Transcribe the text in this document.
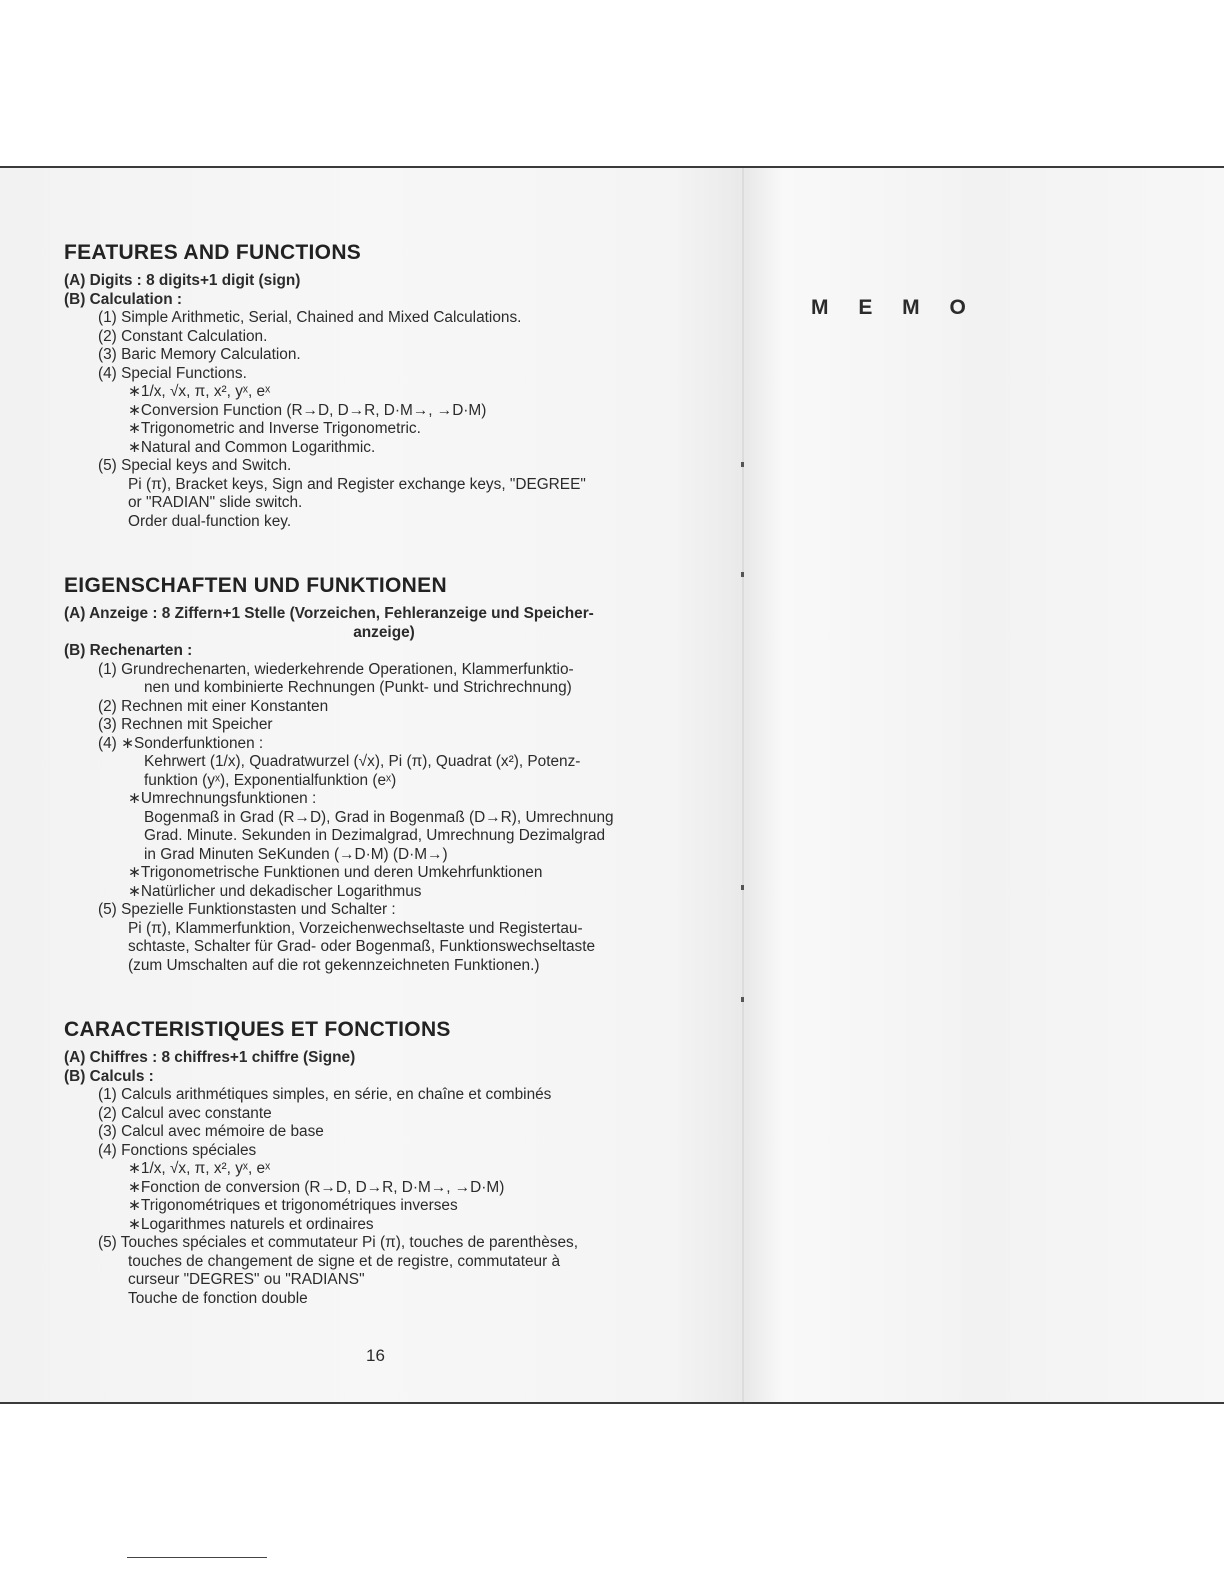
FEATURES AND FUNCTIONS
(A) Digits : 8 digits+1 digit (sign)
(B) Calculation :
(1) Simple Arithmetic, Serial, Chained and Mixed Calculations.
(2) Constant Calculation.
(3) Baric Memory Calculation.
(4) Special Functions.
∗1/x, √x, π, x², yˣ, eˣ
∗Conversion Function (R→D, D→R, D·M→, →D·M)
∗Trigonometric and Inverse Trigonometric.
∗Natural and Common Logarithmic.
(5) Special keys and Switch.
Pi (π), Bracket keys, Sign and Register exchange keys, "DEGREE"
or "RADIAN" slide switch.
Order dual-function key.
EIGENSCHAFTEN UND FUNKTIONEN
(A) Anzeige : 8 Ziffern+1 Stelle (Vorzeichen, Fehleranzeige und Speicher-
anzeige)
(B) Rechenarten :
(1) Grundrechenarten, wiederkehrende Operationen, Klammerfunktio-
nen und kombinierte Rechnungen (Punkt- und Strichrechnung)
(2) Rechnen mit einer Konstanten
(3) Rechnen mit Speicher
(4) ∗Sonderfunktionen :
Kehrwert (1/x), Quadratwurzel (√x), Pi (π), Quadrat (x²), Potenz-
funktion (yˣ), Exponentialfunktion (eˣ)
∗Umrechnungsfunktionen :
Bogenmaß in Grad (R→D), Grad in Bogenmaß (D→R), Umrechnung
Grad. Minute. Sekunden in Dezimalgrad, Umrechnung Dezimalgrad
in Grad Minuten SeKunden (→D·M) (D·M→)
∗Trigonometrische Funktionen und deren Umkehrfunktionen
∗Natürlicher und dekadischer Logarithmus
(5) Spezielle Funktionstasten und Schalter :
Pi (π), Klammerfunktion, Vorzeichenwechseltaste und Registertau-
schtaste, Schalter für Grad- oder Bogenmaß, Funktionswechseltaste
(zum Umschalten auf die rot gekennzeichneten Funktionen.)
CARACTERISTIQUES ET FONCTIONS
(A) Chiffres : 8 chiffres+1 chiffre (Signe)
(B) Calculs :
(1) Calculs arithmétiques simples, en série, en chaîne et combinés
(2) Calcul avec constante
(3) Calcul avec mémoire de base
(4) Fonctions spéciales
∗1/x, √x, π, x², yˣ, eˣ
∗Fonction de conversion (R→D, D→R, D·M→, →D·M)
∗Trigonométriques et trigonométriques inverses
∗Logarithmes naturels et ordinaires
(5) Touches spéciales et commutateur Pi (π), touches de parenthèses,
touches de changement de signe et de registre, commutateur à
curseur "DEGRES" ou "RADIANS"
Touche de fonction double
M E M O
16
